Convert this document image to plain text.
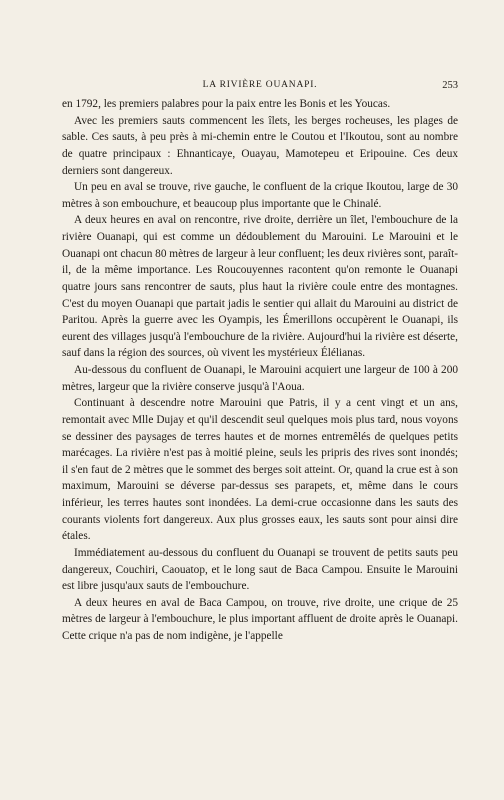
LA RIVIÈRE OUANAPI.	253

en 1792, les premiers palabres pour la paix entre les Bonis et les Youcas.

Avec les premiers sauts commencent les îlets, les berges rocheuses, les plages de sable. Ces sauts, à peu près à mi-chemin entre le Coutou et l'Ikoutou, sont au nombre de quatre principaux : Ehnanticaye, Ouayau, Mamotepeu et Eripouine. Ces deux derniers sont dangereux.

Un peu en aval se trouve, rive gauche, le confluent de la crique Ikoutou, large de 30 mètres à son embouchure, et beaucoup plus importante que le Chinalé.

A deux heures en aval on rencontre, rive droite, derrière un îlet, l'embouchure de la rivière Ouanapi, qui est comme un dédoublement du Marouini. Le Marouini et le Ouanapi ont chacun 80 mètres de largeur à leur confluent; les deux rivières sont, paraît-il, de la même importance. Les Roucouyennes racontent qu'on remonte le Ouanapi quatre jours sans rencontrer de sauts, plus haut la rivière coule entre des montagnes. C'est du moyen Ouanapi que partait jadis le sentier qui allait du Marouini au district de Paritou. Après la guerre avec les Oyampis, les Émerillons occupèrent le Ouanapi, ils eurent des villages jusqu'à l'embouchure de la rivière. Aujourd'hui la rivière est déserte, sauf dans la région des sources, où vivent les mystérieux Élélianas.

Au-dessous du confluent de Ouanapi, le Marouini acquiert une largeur de 100 à 200 mètres, largeur que la rivière conserve jusqu'à l'Aoua.

Continuant à descendre notre Marouini que Patris, il y a cent vingt et un ans, remontait avec Mlle Dujay et qu'il descendit seul quelques mois plus tard, nous voyons se dessiner des paysages de terres hautes et de mornes entremêlés de quelques petits marécages. La rivière n'est pas à moitié pleine, seuls les pripris des rives sont inondés; il s'en faut de 2 mètres que le sommet des berges soit atteint. Or, quand la crue est à son maximum, Marouini se déverse par-dessus ses parapets, et, même dans le cours inférieur, les terres hautes sont inondées. La demi-crue occasionne dans les sauts des courants violents fort dangereux. Aux plus grosses eaux, les sauts sont pour ainsi dire étales.

Immédiatement au-dessous du confluent du Ouanapi se trouvent de petits sauts peu dangereux, Couchiri, Caouatop, et le long saut de Baca Campou. Ensuite le Marouini est libre jusqu'aux sauts de l'embouchure.

A deux heures en aval de Baca Campou, on trouve, rive droite, une crique de 25 mètres de largeur à l'embouchure, le plus important affluent de droite après le Ouanapi. Cette crique n'a pas de nom indigène, je l'appelle
